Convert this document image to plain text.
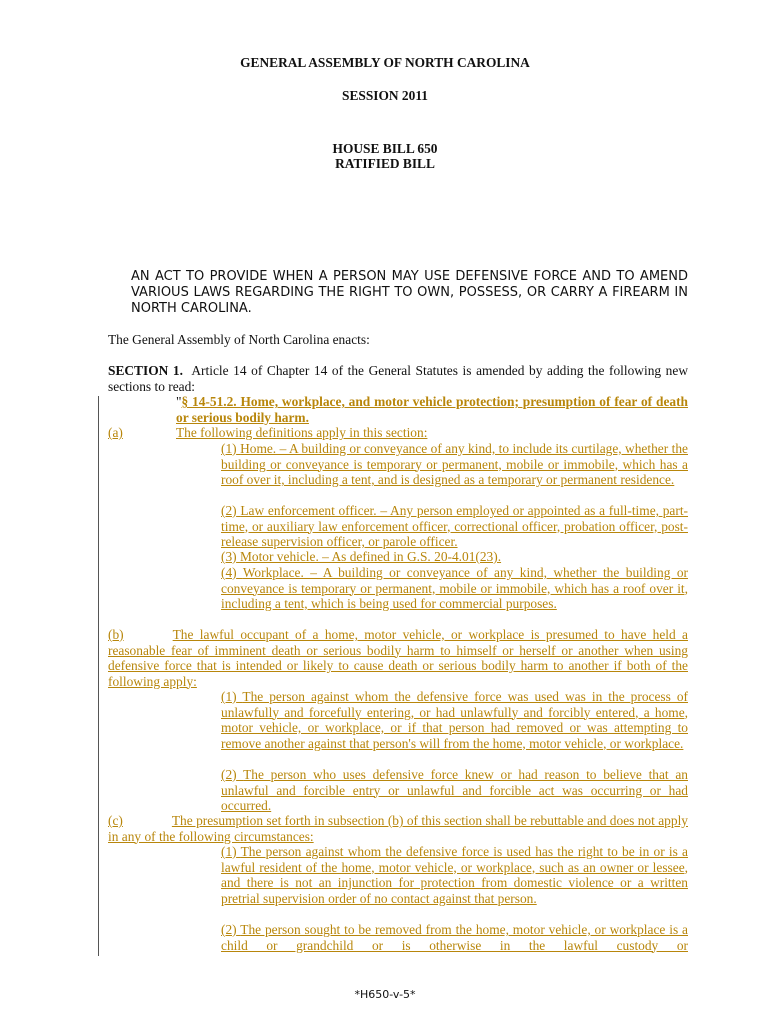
GENERAL ASSEMBLY OF NORTH CAROLINA
SESSION 2011
HOUSE BILL 650
RATIFIED BILL
AN ACT TO PROVIDE WHEN A PERSON MAY USE DEFENSIVE FORCE AND TO AMEND VARIOUS LAWS REGARDING THE RIGHT TO OWN, POSSESS, OR CARRY A FIREARM IN NORTH CAROLINA.
The General Assembly of North Carolina enacts:
SECTION 1. Article 14 of Chapter 14 of the General Statutes is amended by adding the following new sections to read:
"§ 14-51.2. Home, workplace, and motor vehicle protection; presumption of fear of death or serious bodily harm.
(a)	The following definitions apply in this section:
(1) Home. – A building or conveyance of any kind, to include its curtilage, whether the building or conveyance is temporary or permanent, mobile or immobile, which has a roof over it, including a tent, and is designed as a temporary or permanent residence.
(2) Law enforcement officer. – Any person employed or appointed as a full-time, part-time, or auxiliary law enforcement officer, correctional officer, probation officer, post-release supervision officer, or parole officer.
(3) Motor vehicle. – As defined in G.S. 20-4.01(23).
(4) Workplace. – A building or conveyance of any kind, whether the building or conveyance is temporary or permanent, mobile or immobile, which has a roof over it, including a tent, which is being used for commercial purposes.
(b)	The lawful occupant of a home, motor vehicle, or workplace is presumed to have held a reasonable fear of imminent death or serious bodily harm to himself or herself or another when using defensive force that is intended or likely to cause death or serious bodily harm to another if both of the following apply:
(1) The person against whom the defensive force was used was in the process of unlawfully and forcefully entering, or had unlawfully and forcibly entered, a home, motor vehicle, or workplace, or if that person had removed or was attempting to remove another against that person's will from the home, motor vehicle, or workplace.
(2) The person who uses defensive force knew or had reason to believe that an unlawful and forcible entry or unlawful and forcible act was occurring or had occurred.
(c)	The presumption set forth in subsection (b) of this section shall be rebuttable and does not apply in any of the following circumstances:
(1) The person against whom the defensive force is used has the right to be in or is a lawful resident of the home, motor vehicle, or workplace, such as an owner or lessee, and there is not an injunction for protection from domestic violence or a written pretrial supervision order of no contact against that person.
(2) The person sought to be removed from the home, motor vehicle, or workplace is a child or grandchild or is otherwise in the lawful custody or
*H650-v-5*
